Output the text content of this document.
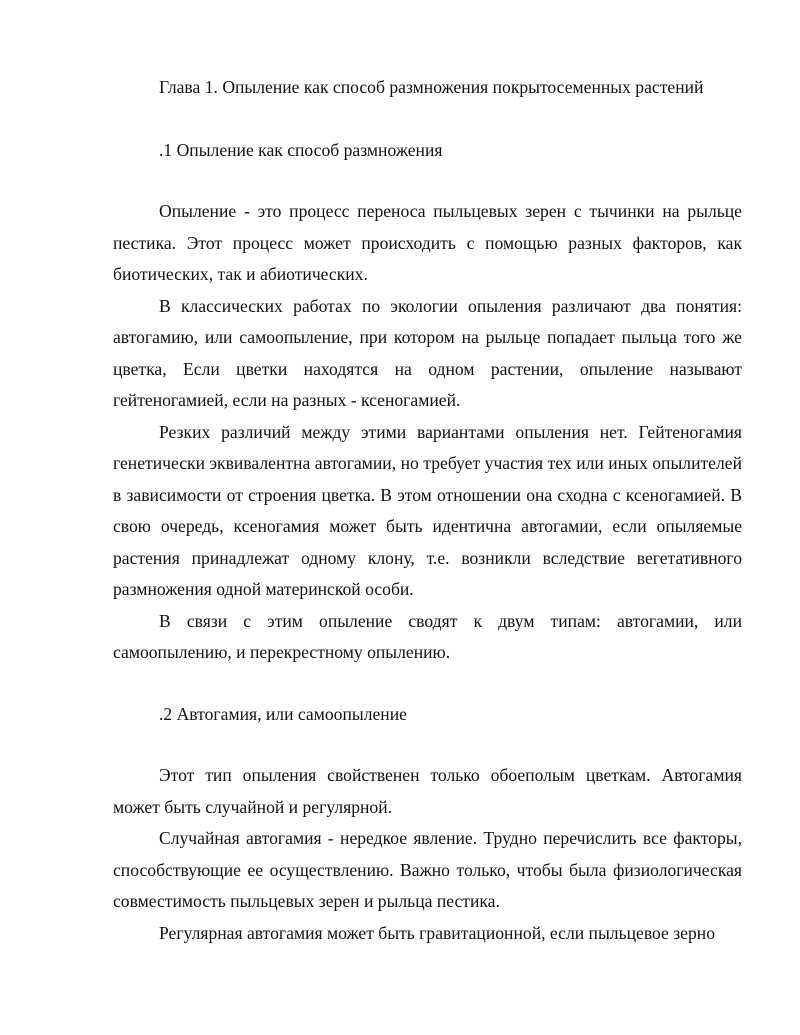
Глава 1. Опыление как способ размножения покрытосеменных растений

.1 Опыление как способ размножения

Опыление - это процесс переноса пыльцевых зерен с тычинки на рыльце пестика. Этот процесс может происходить с помощью разных факторов, как биотических, так и абиотических.

В классических работах по экологии опыления различают два понятия: автогамию, или самоопыление, при котором на рыльце попадает пыльца того же цветка, Если цветки находятся на одном растении, опыление называют гейтеногамией, если на разных - ксеногамией.

Резких различий между этими вариантами опыления нет. Гейтеногамия генетически эквивалентна автогамии, но требует участия тех или иных опылителей в зависимости от строения цветка. В этом отношении она сходна с ксеногамией. В свою очередь, ксеногамия может быть идентична автогамии, если опыляемые растения принадлежат одному клону, т.е. возникли вследствие вегетативного размножения одной материнской особи.

В связи с этим опыление сводят к двум типам: автогамии, или самоопылению, и перекрестному опылению.

.2 Автогамия, или самоопыление

Этот тип опыления свойственен только обоеполым цветкам. Автогамия может быть случайной и регулярной.

Случайная автогамия - нередкое явление. Трудно перечислить все факторы, способствующие ее осуществлению. Важно только, чтобы была физиологическая совместимость пыльцевых зерен и рыльца пестика.

Регулярная автогамия может быть гравитационной, если пыльцевое зерно
